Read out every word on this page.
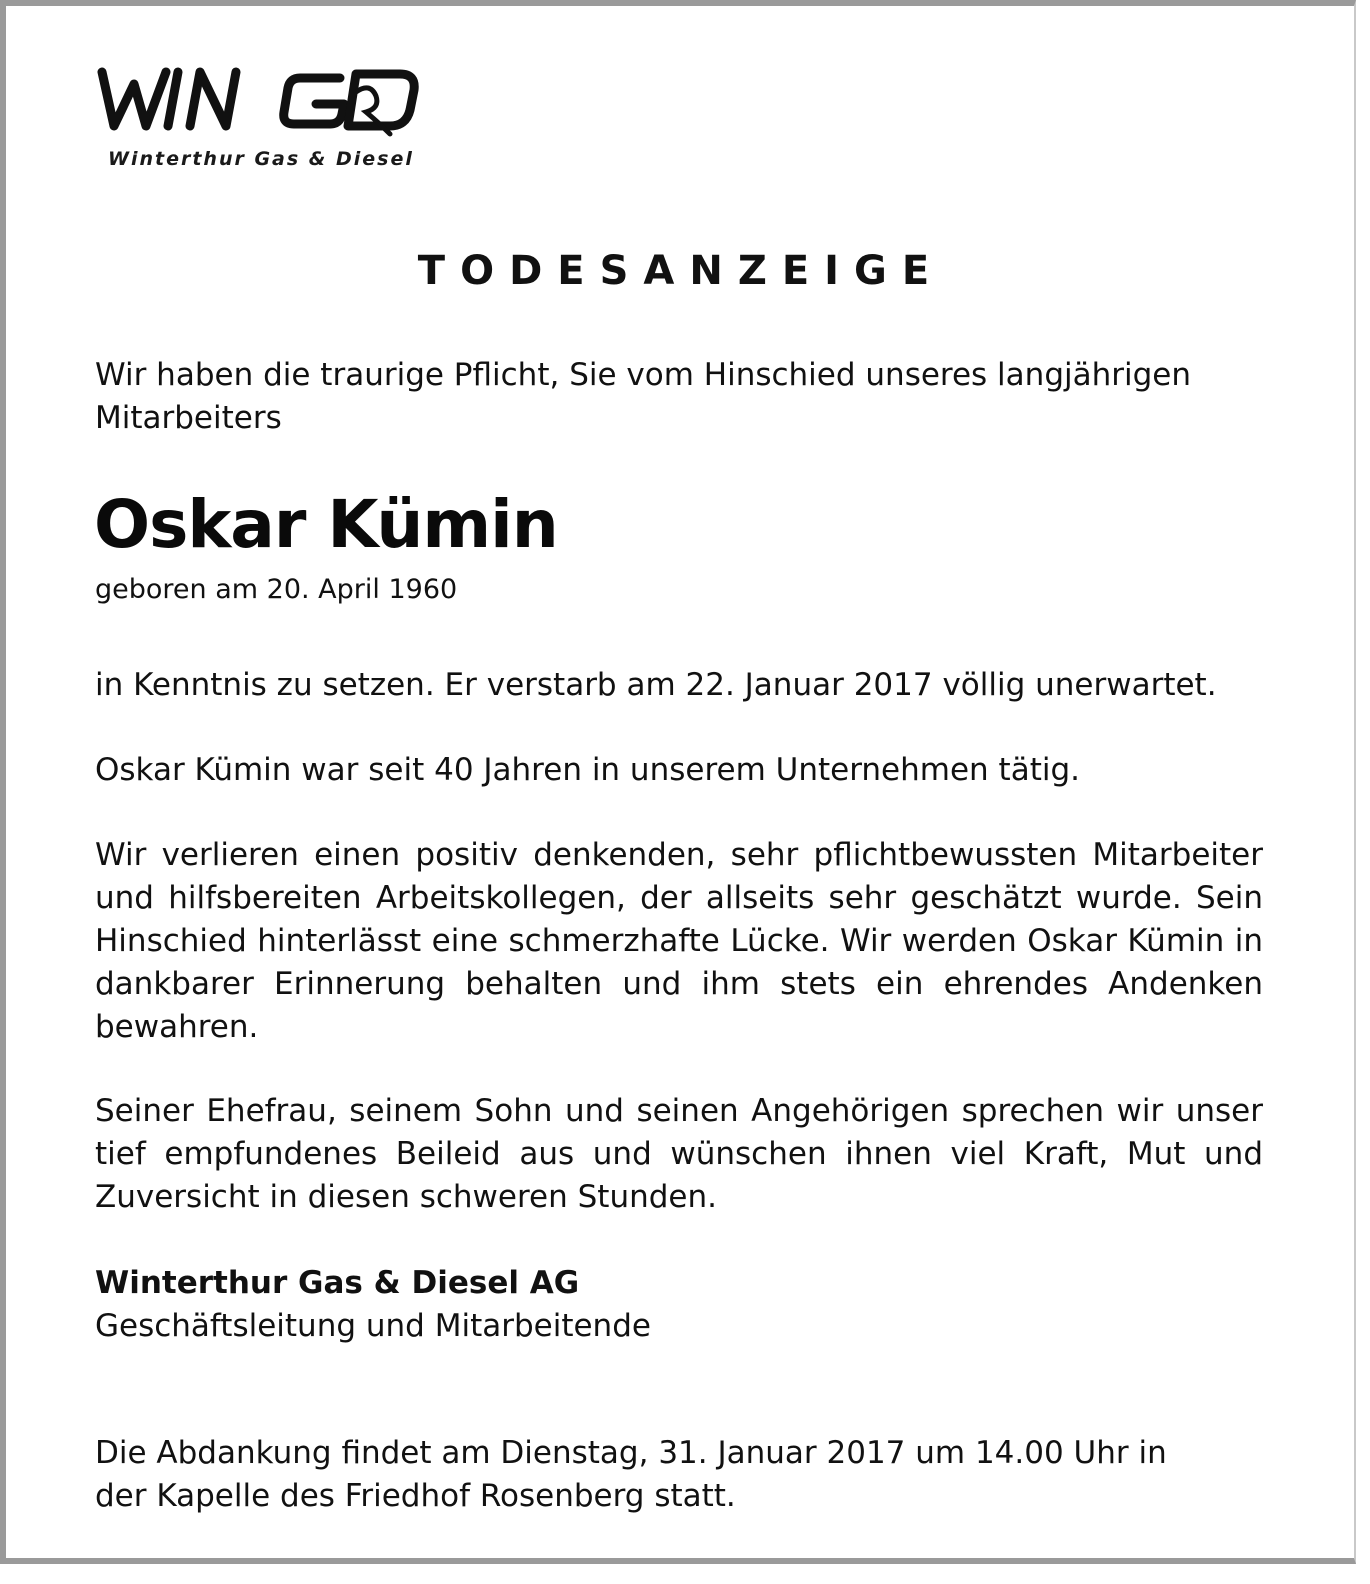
Winterthur Gas & Diesel
TODESANZEIGE

Wir haben die traurige Pflicht, Sie vom Hinschied unseres langjährigen Mitarbeiters

Oskar Kümin
geboren am 20. April 1960

in Kenntnis zu setzen. Er verstarb am 22. Januar 2017 völlig unerwartet.

Oskar Kümin war seit 40 Jahren in unserem Unternehmen tätig.

Wir verlieren einen positiv denkenden, sehr pflichtbewussten Mitarbeiter und hilfsbereiten Arbeitskollegen, der allseits sehr geschätzt wurde. Sein Hinschied hinterlässt eine schmerzhafte Lücke. Wir werden Oskar Kümin in dankbarer Erinnerung behalten und ihm stets ein ehrendes Andenken bewahren.

Seiner Ehefrau, seinem Sohn und seinen Angehörigen sprechen wir unser tief empfundenes Beileid aus und wünschen ihnen viel Kraft, Mut und Zuversicht in diesen schweren Stunden.

Winterthur Gas & Diesel AG

Geschäftsleitung und Mitarbeitende

Die Abdankung findet am Dienstag, 31. Januar 2017 um 14.00 Uhr in der Kapelle des Friedhof Rosenberg statt.
